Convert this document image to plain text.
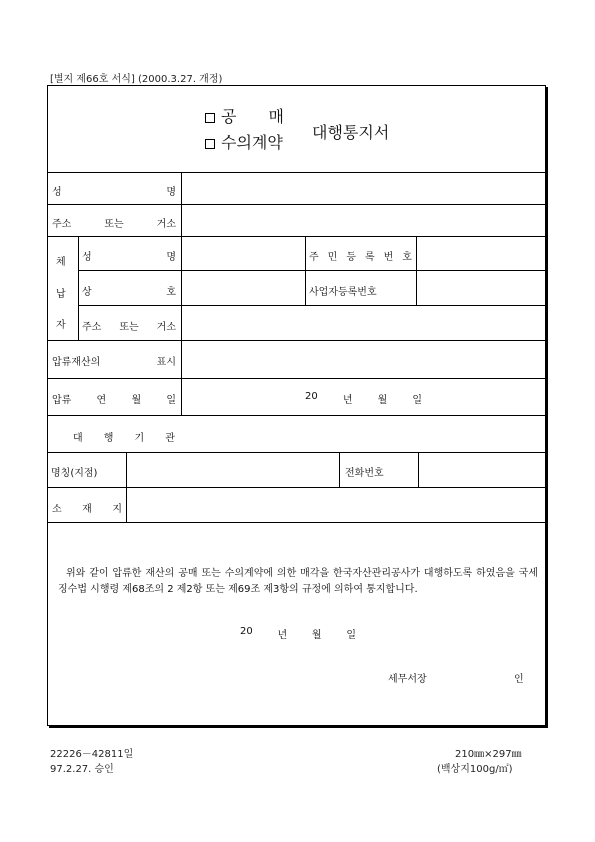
[별지 제66호 서식] (2000.3.27. 개정)
공　　매
수의계약
대행통지서
성	명
주소	또는	거소
체
납
자
성	명	주 민 등 록 번 호
상	호	사업자등록번호
주소 또는 거소
압류재산의	표시
압류	연	월	일	20	년	월	일
대 행 기 관
명칭(지점)	전화번호
소 재 지
위와 같이 압류한 재산의 공매 또는 수의계약에 의한 매각을 한국자산관리공사가 대행하도록 하였음을 국세징수법 시행령 제68조의 2 제2항 또는 제69조 제3항의 규정에 의하여 통지합니다.
20 년 월 일
세무서장	인
22226－42811일
97.2.27. 승인
210㎜×297㎜
(백상지100g/㎡)
